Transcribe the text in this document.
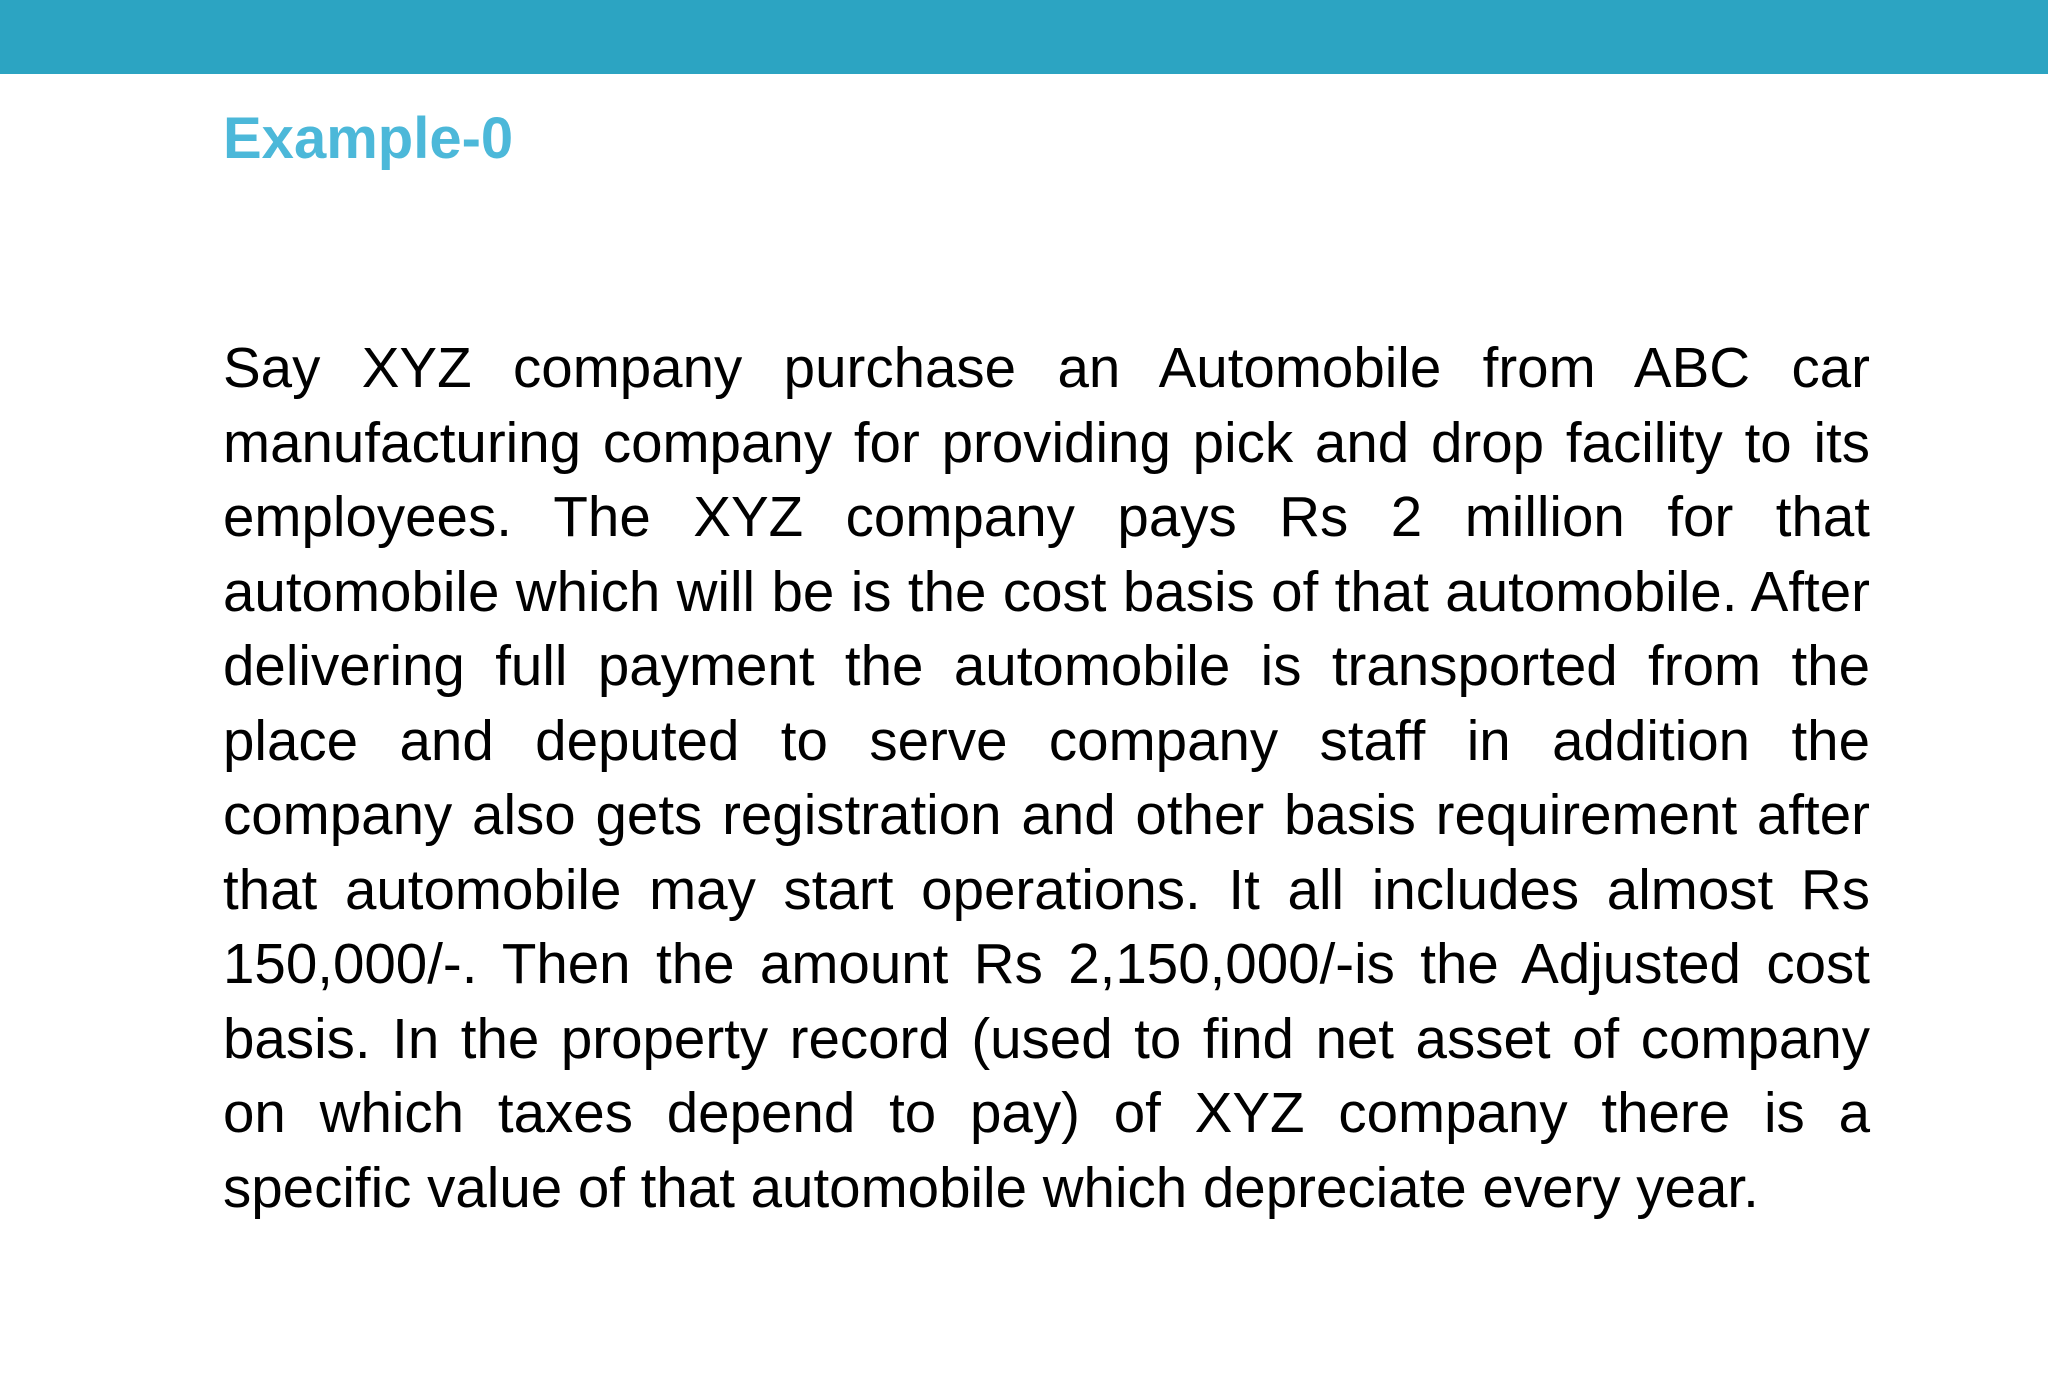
Example-0

Say XYZ company purchase an Automobile from ABC car manufacturing company for providing pick and drop facility to its employees. The XYZ company pays Rs 2 million for that automobile which will be is the cost basis of that automobile. After delivering full payment the automobile is transported from the place and deputed to serve company staff in addition the company also gets registration and other basis requirement after that automobile may start operations. It all includes almost Rs 150,000/-. Then the amount Rs 2,150,000/-is the Adjusted cost basis. In the property record (used to find net asset of company on which taxes depend to pay) of XYZ company there is a specific value of that automobile which depreciate every year.
